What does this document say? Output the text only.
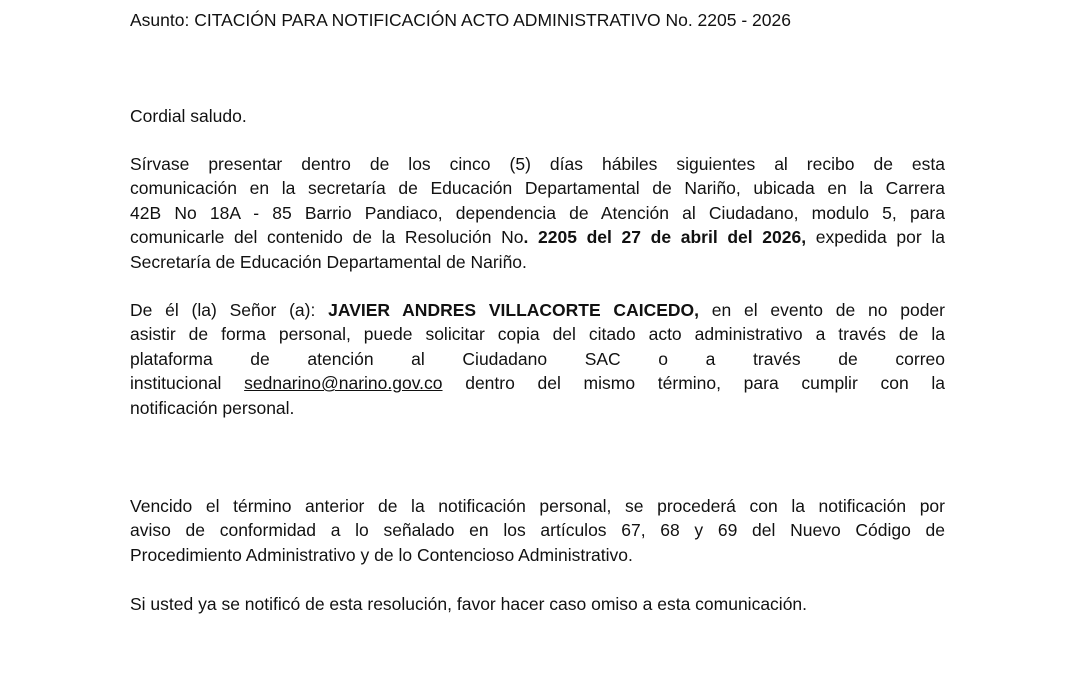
Asunto: CITACIÓN PARA NOTIFICACIÓN ACTO ADMINISTRATIVO No. 2205 - 2026
Cordial saludo.

Sírvase presentar dentro de los cinco (5) días hábiles siguientes al recibo de esta

comunicación en la secretaría de Educación Departamental de Nariño, ubicada en la Carrera

42B No 18A - 85 Barrio Pandiaco, dependencia de Atención al Ciudadano, modulo 5, para

comunicarle del contenido de la Resolución No. 2205 del 27 de abril del 2026, expedida por la

Secretaría de Educación Departamental de Nariño.

De él (la) Señor (a): JAVIER ANDRES VILLACORTE CAICEDO, en el evento de no poder

asistir de forma personal, puede solicitar copia del citado acto administrativo a través de la

plataforma de atención al Ciudadano SAC o a través de correo

institucional sednarino@narino.gov.co dentro del mismo término, para cumplir con la

notificación personal.

Vencido el término anterior de la notificación personal, se procederá con la notificación por

aviso de conformidad a lo señalado en los artículos 67, 68 y 69 del Nuevo Código de

Procedimiento Administrativo y de lo Contencioso Administrativo.

Si usted ya se notificó de esta resolución, favor hacer caso omiso a esta comunicación.
